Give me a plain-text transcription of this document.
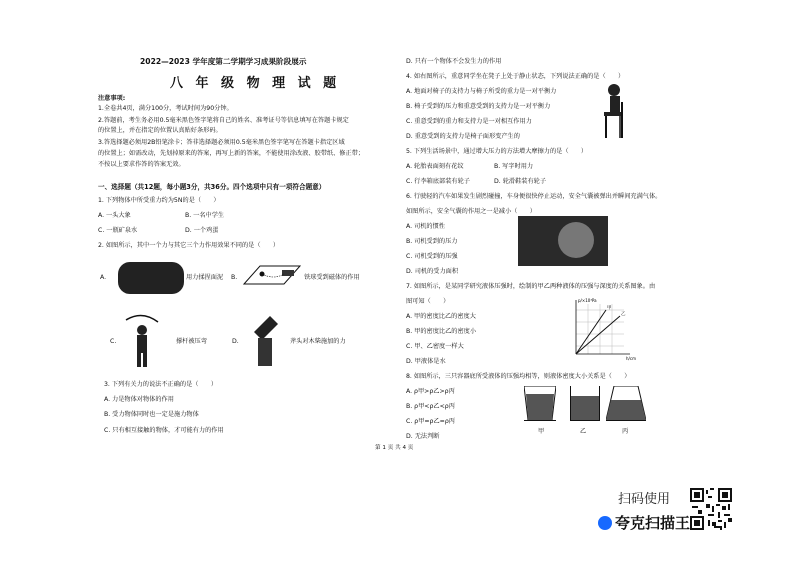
2022—2023 学年度第二学期学习成果阶段展示
八 年 级 物 理 试 题
注意事项:
1.全卷共4页，满分100分，考试时间为90分钟。
2.答题前，考生务必用0.5毫米黑色签字笔将自己的姓名、准考证号等信息填写在答题卡规定
的位置上，并在指定的位置认真贴好条形码。
3.答选择题必须用2B铅笔涂卡；答非选择题必须用0.5毫米黑色签字笔写在答题卡指定区域
的位置上；如需改动，先划掉原来的答案，再写上新的答案，不能使用涂改液、胶带纸、修正带；
不按以上要求作答的答案无效。
一、选择题（共12题，每小题3分，共36分。四个选项中只有一项符合题意）
1. 下列物体中所受重力约为5N的是（　　）
A. 一头大象	B. 一名中学生
C. 一瓶矿泉水	D. 一个鸡蛋
2. 如图所示，其中一个力与其它三个力作用效果不同的是（　　）
A.	用力揉捏面泥 B.	铁球受到磁体的作用
C.	撑杆被压弯	D.	斧头对木柴施加的力
3. 下列有关力的说法不正确的是（　　）
A. 力是物体对物体的作用
B. 受力物体同时也一定是施力物体
C. 只有相互接触的物体，才可能有力的作用
D. 只有一个物体不会发生力的作用
4. 如右图所示，重意同学坐在凳子上处于静止状态，下列说法正确的是（　　）
A. 地面对椅子的支持力与椅子所受的重力是一对平衡力
B. 椅子受到的压力和重意受到的支持力是一对平衡力
C. 重意受到的重力和支持力是一对相互作用力
D. 重意受到的支持力是椅子面形变产生的
5. 下列生活场景中，通过增大压力的方法增大摩擦力的是（　　）
A. 轮胎表面刻有花纹	B. 写字时用力
C. 行李箱底部装有轮子	D. 轮滑鞋装有轮子
6. 行驶轻的汽车如果发生剧烈碰撞，车身便很快停止运动，安全气囊被弹出并瞬间充满气体。
如图所示，安全气囊的作用之一是减小（　　）
A. 司机的惯性
B. 司机受到的压力
C. 司机受到的压强
D. 司机的受力面积
7. 如图所示，是某同学研究液体压强时，绘制的甲乙两种液体的压强与深度的关系图象。由
图可知（　　）
A. 甲的密度比乙的密度大
B. 甲的密度比乙的密度小
C. 甲、乙密度一样大
D. 甲液体是水
p/×10³Pa
h/cm
甲
乙
8. 如图所示，三只容器底所受液体的压强均相等，则液体密度大小关系是（　　）
A. ρ甲>ρ乙>ρ丙
B. ρ甲<ρ乙<ρ丙
C. ρ甲=ρ乙=ρ丙
D. 无法判断
甲	乙	丙
第 1 页 共 4 页
扫码使用
夸克扫描王
